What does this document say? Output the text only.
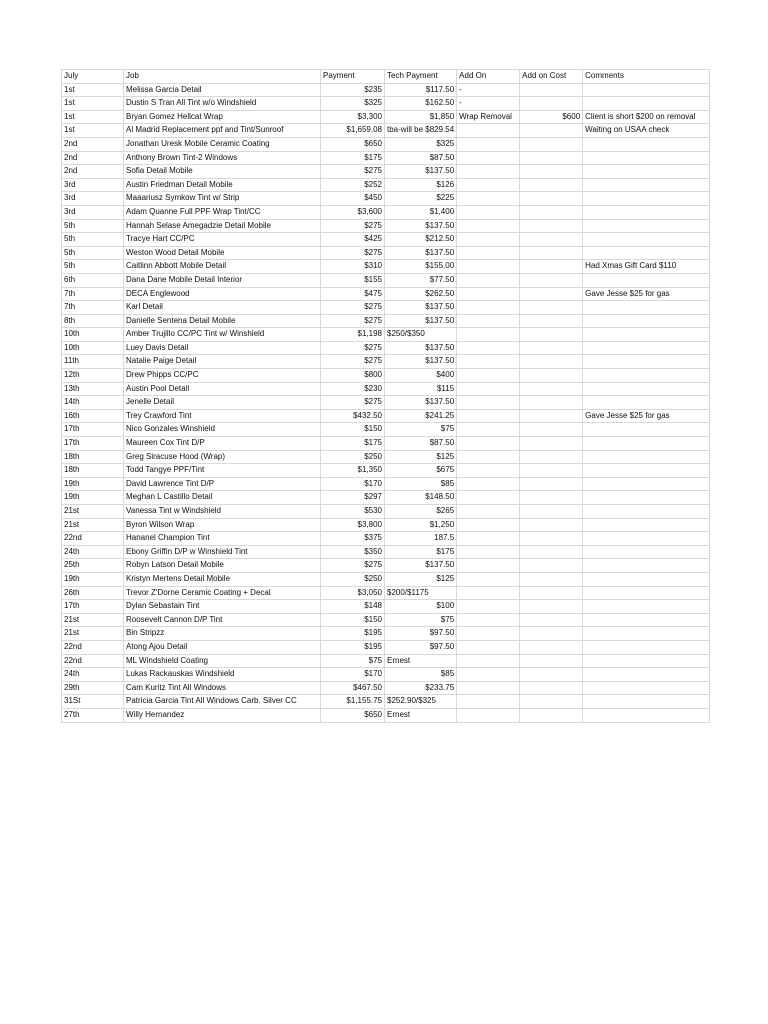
July	Job	Payment	Tech Payment	Add On	Add on Cost	Comments
1st	Melissa Garcia Detail	$235	$117.50	-		
1st	Dustin S Tran All Tint w/o Windshield	$325	$162.50	-		
1st	Bryan Gomez Hellcat Wrap	$3,300	$1,850	Wrap Removal	$600	Client is short $200 on removal
1st	Al Madrid Replacement ppf and Tint/Sunroof	$1,659.08	tba-will be $829.54			Waiting on USAA check
2nd	Jonathan Uresk Mobile Ceramic Coating	$650	$325			
2nd	Anthony Brown Tint-2 Windows	$175	$87.50			
2nd	Sofia Detail Mobile	$275	$137.50			
3rd	Austin Friedman Detail Mobile	$252	$126			
3rd	Maaariusz Symkow Tint w/ Strip	$450	$225			
3rd	Adam Quanne Full PPF Wrap Tint/CC	$3,600	$1,400			
5th	Hannah Selase Amegadzie Detail Mobile	$275	$137.50			
5th	Tracye Hart CC/PC	$425	$212.50			
5th	Weston Wood Detail Mobile	$275	$137.50			
5th	Caitlinn Abbott Mobile Detail	$310	$155.00			Had Xmas Gift Card $110
6th	Dana Dane Mobile Detail Interior	$155	$77.50			
7th	DECA Englewood	$475	$262.50			Gave Jesse $25 for gas
7th	Karl Detail	$275	$137.50			
8th	Danielle Sentena Detail Mobile	$275	$137.50			
10th	Amber Trujillo CC/PC Tint w/ Winshield	$1,198	$250/$350			
10th	Luey Davis Detail	$275	$137.50			
11th	Natalie Paige Detail	$275	$137.50			
12th	Drew Phipps CC/PC	$800	$400			
13th	Austin Pool Detail	$230	$115			
14th	Jenelle Detail	$275	$137.50			
16th	Trey Crawford Tint	$432.50	$241.25			Gave Jesse $25 for gas
17th	Nico Gonzales Winshield	$150	$75			
17th	Maureen Cox Tint D/P	$175	$87.50			
18th	Greg Siracuse Hood (Wrap)	$250	$125			
18th	Todd Tangye PPF/Tint	$1,350	$675			
19th	David Lawrence Tint D/P	$170	$85			
19th	Meghan L Castillo Detail	$297	$148.50			
21st	Vanessa Tint w Windshield	$530	$265			
21st	Byron Wilson Wrap	$3,800	$1,250			
22nd	Hananel Champion Tint	$375	187.5			
24th	Ebony Griffin D/P w Winshield Tint	$350	$175			
25th	Robyn Latson Detail Mobile	$275	$137.50			
19th	Kristyn Mertens Detail Mobile	$250	$125			
26th	Trevor Z'Dorne Ceramic Coating + Decal	$3,050	$200/$1175			
17th	Dylan Sebastain Tint	$148	$100			
21st	Roosevelt Cannon D/P Tint	$150	$75			
21st	Bin Stripzz	$195	$97.50			
22nd	Atong Ajou Detail	$195	$97.50			
22nd	ML Windshield Coating	$75	Ernest			
24th	Lukas Rackauskas Windshield	$170	$85			
29th	Cam Kuritz Tint All Windows	$467.50	$233.75			
31St	Patricia Garcia Tint All Windows Carb. Silver CC	$1,155.75	$252.90/$325			
27th	Willy Hernandez	$650	Ernest			
